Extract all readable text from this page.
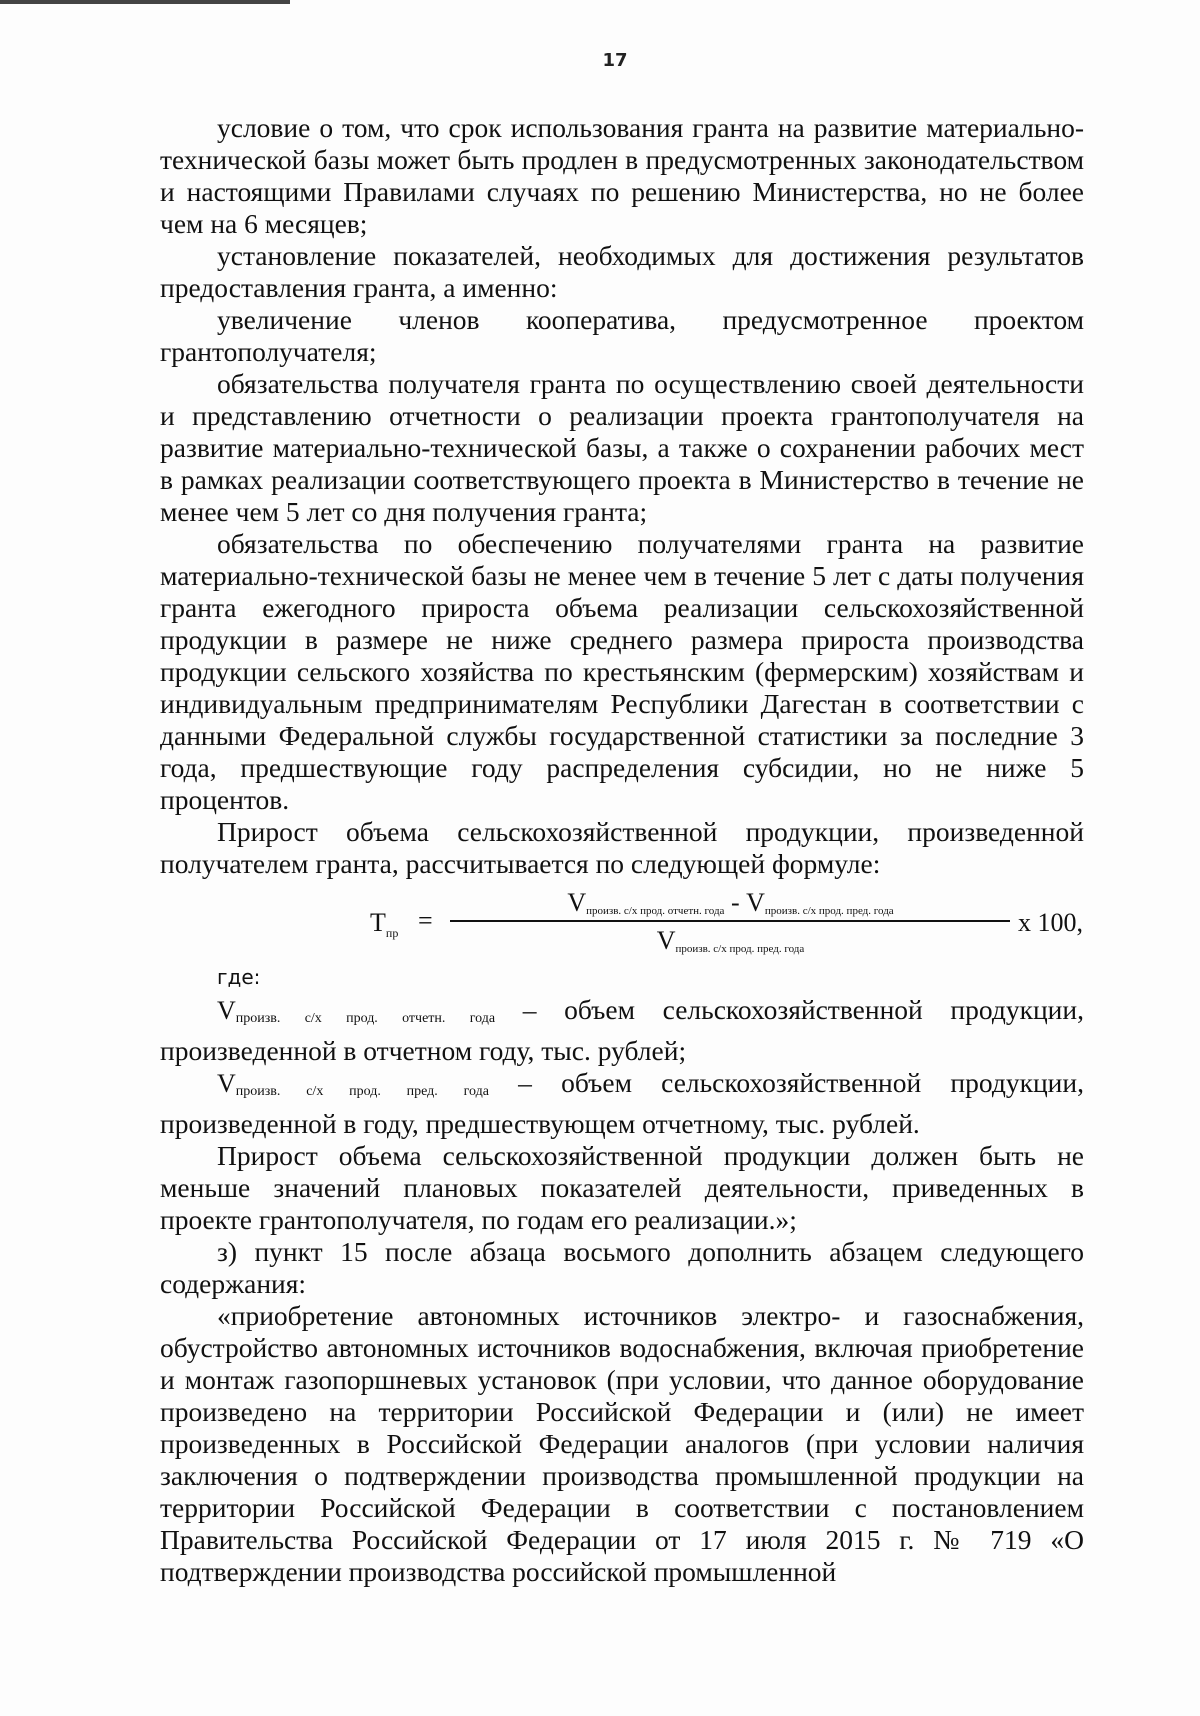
17

условие о том, что срок использования гранта на развитие материально-технической базы может быть продлен в предусмотренных законодательством и настоящими Правилами случаях по решению Министерства, но не более чем на 6 месяцев;

установление показателей, необходимых для достижения результатов предоставления гранта, а именно:

увеличение членов кооператива, предусмотренное проектом грантополучателя;

обязательства получателя гранта по осуществлению своей деятельности и представлению отчетности о реализации проекта грантополучателя на развитие материально-технической базы, а также о сохранении рабочих мест в рамках реализации соответствующего проекта в Министерство в течение не менее чем 5 лет со дня получения гранта;

обязательства по обеспечению получателями гранта на развитие материально-технической базы не менее чем в течение 5 лет с даты получения гранта ежегодного прироста объема реализации сельскохозяйственной продукции в размере не ниже среднего размера прироста производства продукции сельского хозяйства по крестьянским (фермерским) хозяйствам и индивидуальным предпринимателям Республики Дагестан в соответствии с данными Федеральной службы государственной статистики за последние 3 года, предшествующие году распределения субсидии, но не ниже 5 процентов.

Прирост объема сельскохозяйственной продукции, произведенной получателем гранта, рассчитывается по следующей формуле:

$T_{пр}$ =
$V_{произв. с/х прод. отчетн. года} - V_{произв. с/х прод. пред. года}$
$V_{произв. с/х прод. пред. года}$
x 100,

где:

$V_{произв. с/х прод. отчетн. года}$ – объем сельскохозяйственной продукции, произведенной в отчетном году, тыс. рублей;

$V_{произв. с/х прод. пред. года}$ – объем сельскохозяйственной продукции, произведенной в году, предшествующем отчетному, тыс. рублей.

Прирост объема сельскохозяйственной продукции должен быть не меньше значений плановых показателей деятельности, приведенных в проекте грантополучателя, по годам его реализации.»;

з) пункт 15 после абзаца восьмого дополнить абзацем следующего содержания:

«приобретение автономных источников электро- и газоснабжения, обустройство автономных источников водоснабжения, включая приобретение и монтаж газопоршневых установок (при условии, что данное оборудование произведено на территории Российской Федерации и (или) не имеет произведенных в Российской Федерации аналогов (при условии наличия заключения о подтверждении производства промышленной продукции на территории Российской Федерации в соответствии с постановлением Правительства Российской Федерации от 17 июля 2015 г. № 719 «О подтверждении производства российской промышленной
